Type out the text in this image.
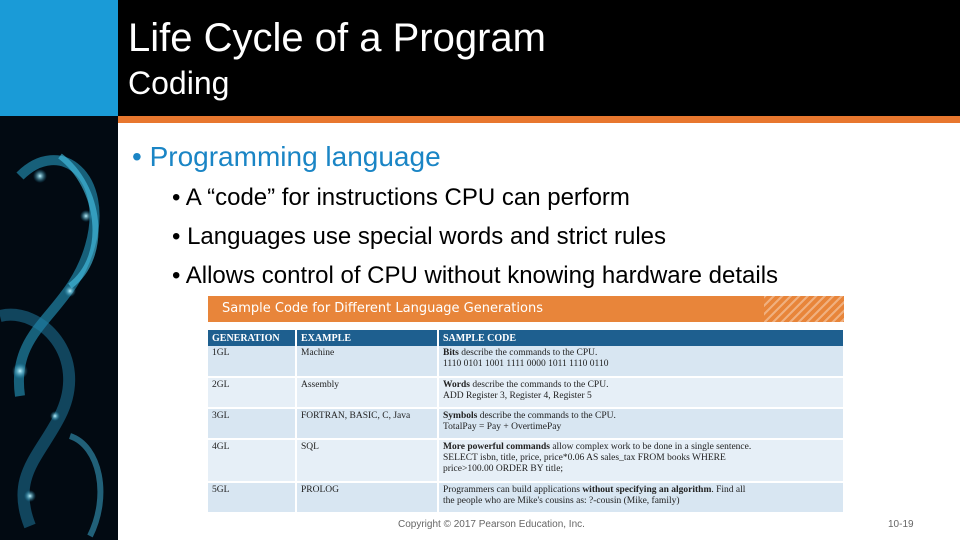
Life Cycle of a Program
Coding
• Programming language
• A “code” for instructions CPU can perform
• Languages use special words and strict rules
• Allows control of CPU without knowing hardware details
Sample Code for Different Language Generations
GENERATION	EXAMPLE	SAMPLE CODE
1GL	Machine	Bits describe the commands to the CPU.
1110 0101 1001 1111 0000 1011 1110 0110
2GL	Assembly	Words describe the commands to the CPU.
ADD Register 3, Register 4, Register 5
3GL	FORTRAN, BASIC, C, Java	Symbols describe the commands to the CPU.
TotalPay = Pay + OvertimePay
4GL	SQL	More powerful commands allow complex work to be done in a single sentence.
SELECT isbn, title, price, price*0.06 AS sales_tax FROM books WHERE
price>100.00 ORDER BY title;
5GL	PROLOG	Programmers can build applications without specifying an algorithm. Find all
the people who are Mike's cousins as: ?-cousin (Mike, family)
Copyright © 2017 Pearson Education, Inc.	10-19
